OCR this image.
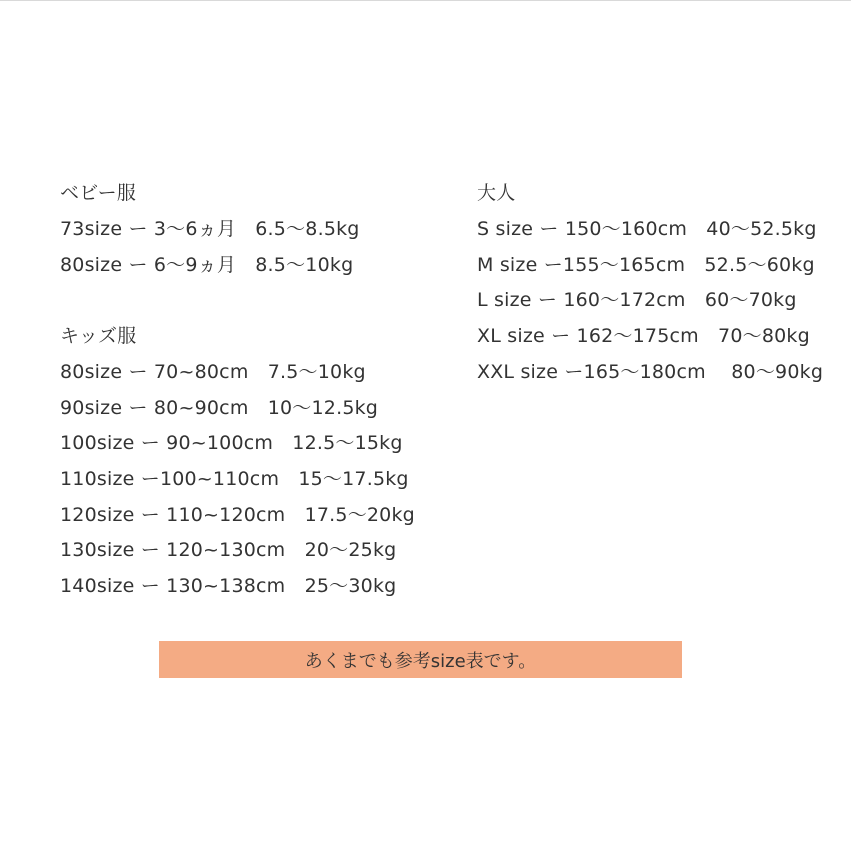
ベビー服
73size ー 3〜6ヵ月　6.5〜8.5kg
80size ー 6〜9ヵ月　8.5〜10kg
キッズ服
80size ー 70~80cm　7.5〜10kg
90size ー 80~90cm　10〜12.5kg
100size ー 90~100cm　12.5〜15kg
110size ー100~110cm　15〜17.5kg
120size ー 110~120cm　17.5〜20kg
130size ー 120~130cm　20〜25kg
140size ー 130~138cm　25〜30kg
大人
S size ー 150〜160cm　40〜52.5kg
M size ー155〜165cm　52.5〜60kg
L size ー 160〜172cm　60〜70kg
XL size ー 162〜175cm　70〜80kg
XXL size ー165〜180cm　 80〜90kg
あくまでも参考size表です。
